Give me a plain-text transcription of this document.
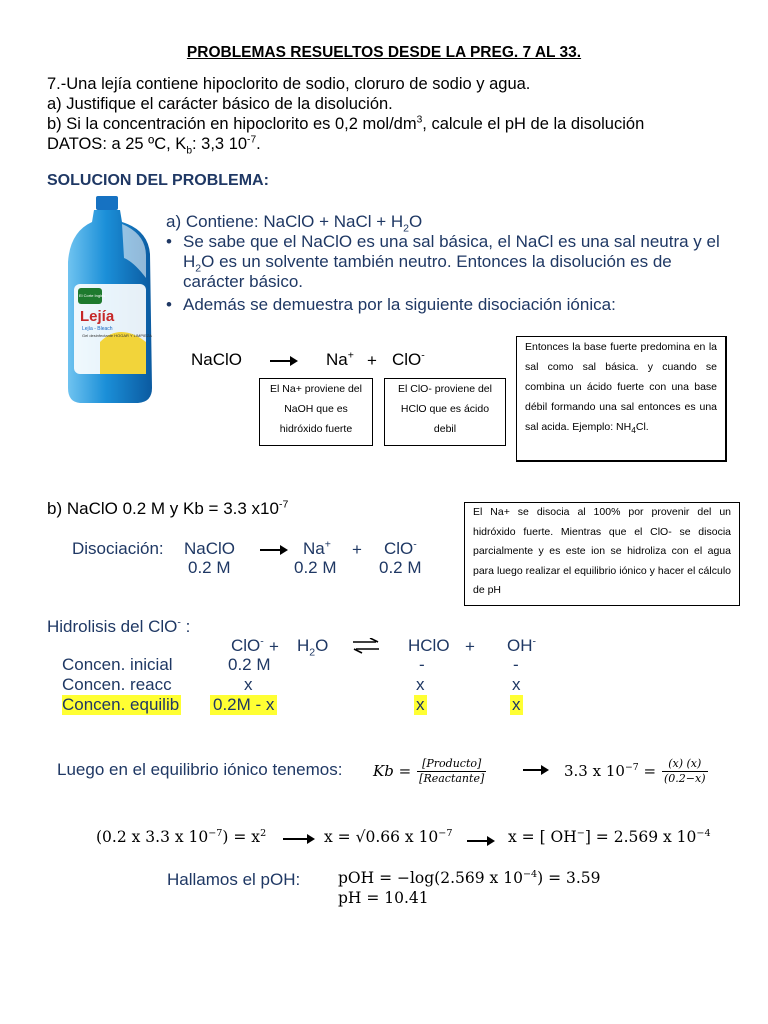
PROBLEMAS RESUELTOS DESDE LA PREG. 7 AL 33.
7.-Una lejía contiene hipoclorito de sodio, cloruro de sodio y agua.
a) Justifique el carácter básico de la disolución.
b) Si la concentración en hipoclorito es 0,2 mol/$dm^3$, calcule el pH de la disolución
DATOS: a 25 ºC, $K_b$: 3,3 $10^{-7}$.
SOLUCION DEL PROBLEMA:
Lejía
Lejía - Bleach
Gel desinfectante HOGAR Y LIMPIEZA
El Corte Inglés
a) Contiene: NaClO + NaCl + $H_2O$
• Se sabe que el NaClO es una sal básica, el NaCl es una sal neutra y el $H_2O$ es un solvente también neutro. Entonces la disolución es de carácter básico.
• Además se demuestra por la siguiente disociación iónica:
NaClO	Na+ + ClO-
El Na+ proviene del NaOH que es hidróxido fuerte
El ClO- proviene del HClO que es ácido debil
Entonces la base fuerte predomina en la sal como sal básica. y cuando se combina un ácido fuerte con una base débil formando una sal entonces es una sal acida. Ejemplo: $NH_4Cl$.
b) NaClO 0.2 M y Kb = 3.3 $x10^{-7}$
El Na+ se disocia al 100% por provenir del un hidróxido fuerte. Mientras que el ClO- se disocia parcialmente y es este ion se hidroliza con el agua para luego realizar el equilibrio iónico y hacer el cálculo de pH
Disociación: NaClO	Na+ + ClO-
0.2 M	0.2 M 0.2 M
Hidrolisis del ClO- :
$ClO^- + H_2O$ ⇌ HClO + OH-
Concen. inicial	0.2 M	-	-
Concen. reacc	x	x	x
Concen. equilib 0.2M - x	x	x
Luego en el equilibrio iónico tenemos: $Kb = \frac{\text{[Producto]}}{\text{[Reactante]}}$	3.3 x $10^{-7} = \frac{(x) (x)}{(0.2-x)}$
(0.2 x 3.3 x $10^{-7}) = x^2$	x = √0.66 x $10^{-7}$	x = [ OH−] = 2.569 x $10^{-4}$
Hallamos el pOH: pOH = −log(2.569 x $10^{-4}) = 3.59$
pH = 10.41
